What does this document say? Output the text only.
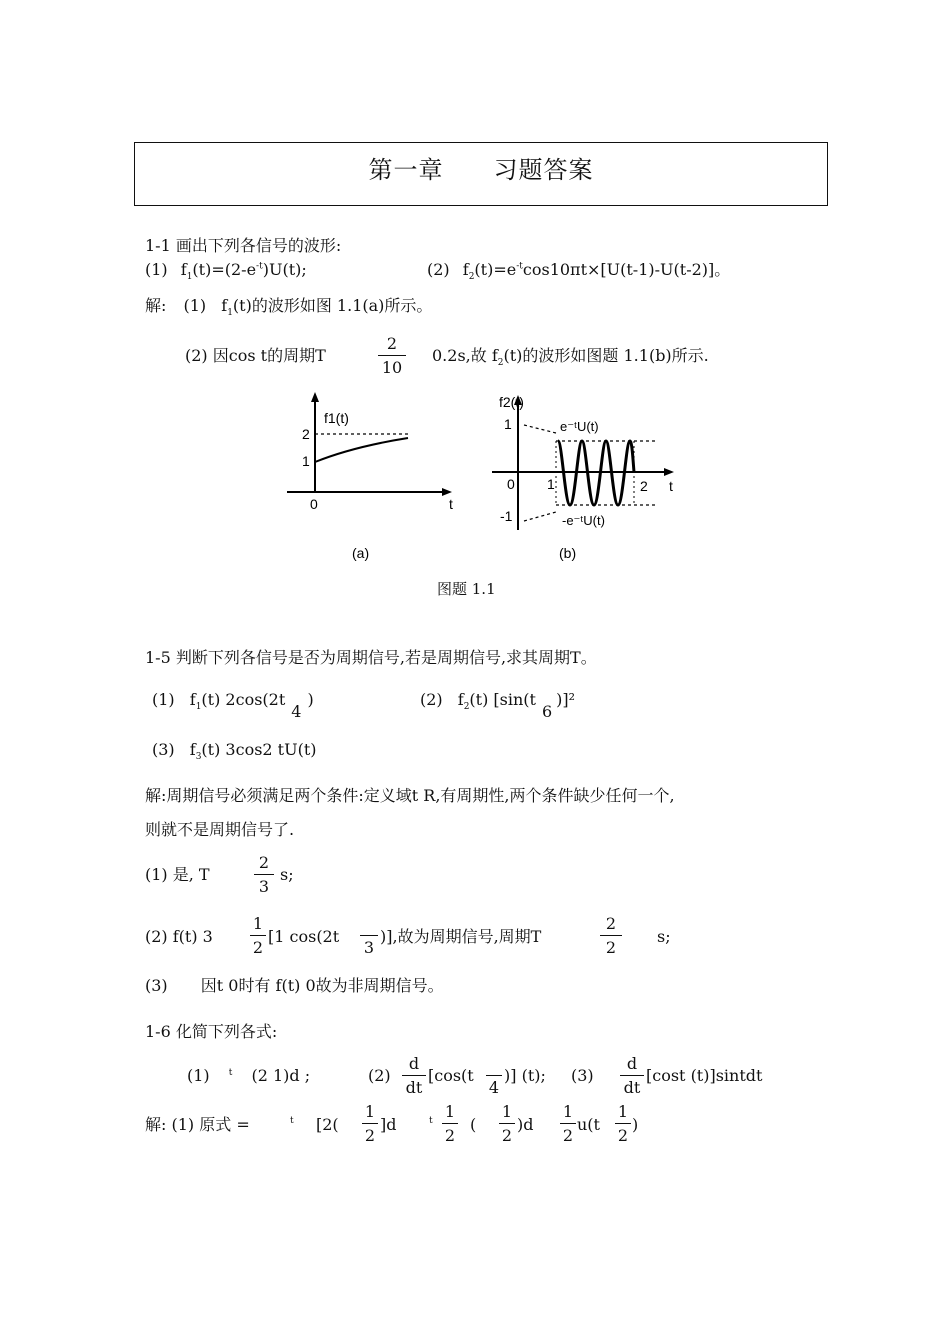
第一章　　 习题答案
1-1 画出下列各信号的波形:
(1) $f_1(t)=(2-e^{-t})U(t)$;	(2) $f_2(t)=e^{-t}\cos 10\pi t\times[U(t-1)-U(t-2)]$。
解: (1) $f_1(t)$的波形如图 1.1(a)所示。
(2) 因cos t的周期T
2
10
0.2s,故 $f_2(t)$的波形如图题 1.1(b)所示.
f1(t)
2
1
0	t
(a)
f2(t)
1
-1
0 1	2 t
e⁻ᵗU(t)
-e⁻ᵗU(t)
(b)
图题 1.1
1-5 判断下列各信号是否为周期信号,若是周期信号,求其周期T。
(1) $f_1(t)$ 2cos(2t4)	(2) $f_2(t)$ [sin(t6)]²
(3) $f_3(t)$ 3cos2 tU(t)
解:周期信号必须满足两个条件:定义域t R,有周期性,两个条件缺少任何一个,
则就不是周期信号了.
(1) 是, T
2
3
s;
(2) f(t) 3
1
2
[1 cos(2t

3
)],故为周期信号,周期T
2
2
s;
(3) 因t 0时有 f(t) 0故为非周期信号。
1-6 化简下列各式:
(1) $^t$ (2 1)d ;	(2)
d
dt
[cos(t

4
)] (t); (3)
d
dt
[cost (t)]sintdt
解: (1) 原式 =	t [2(
1
2
]d	t 1
2
(
1
2
)d
1
2
u(t
1
2
)
